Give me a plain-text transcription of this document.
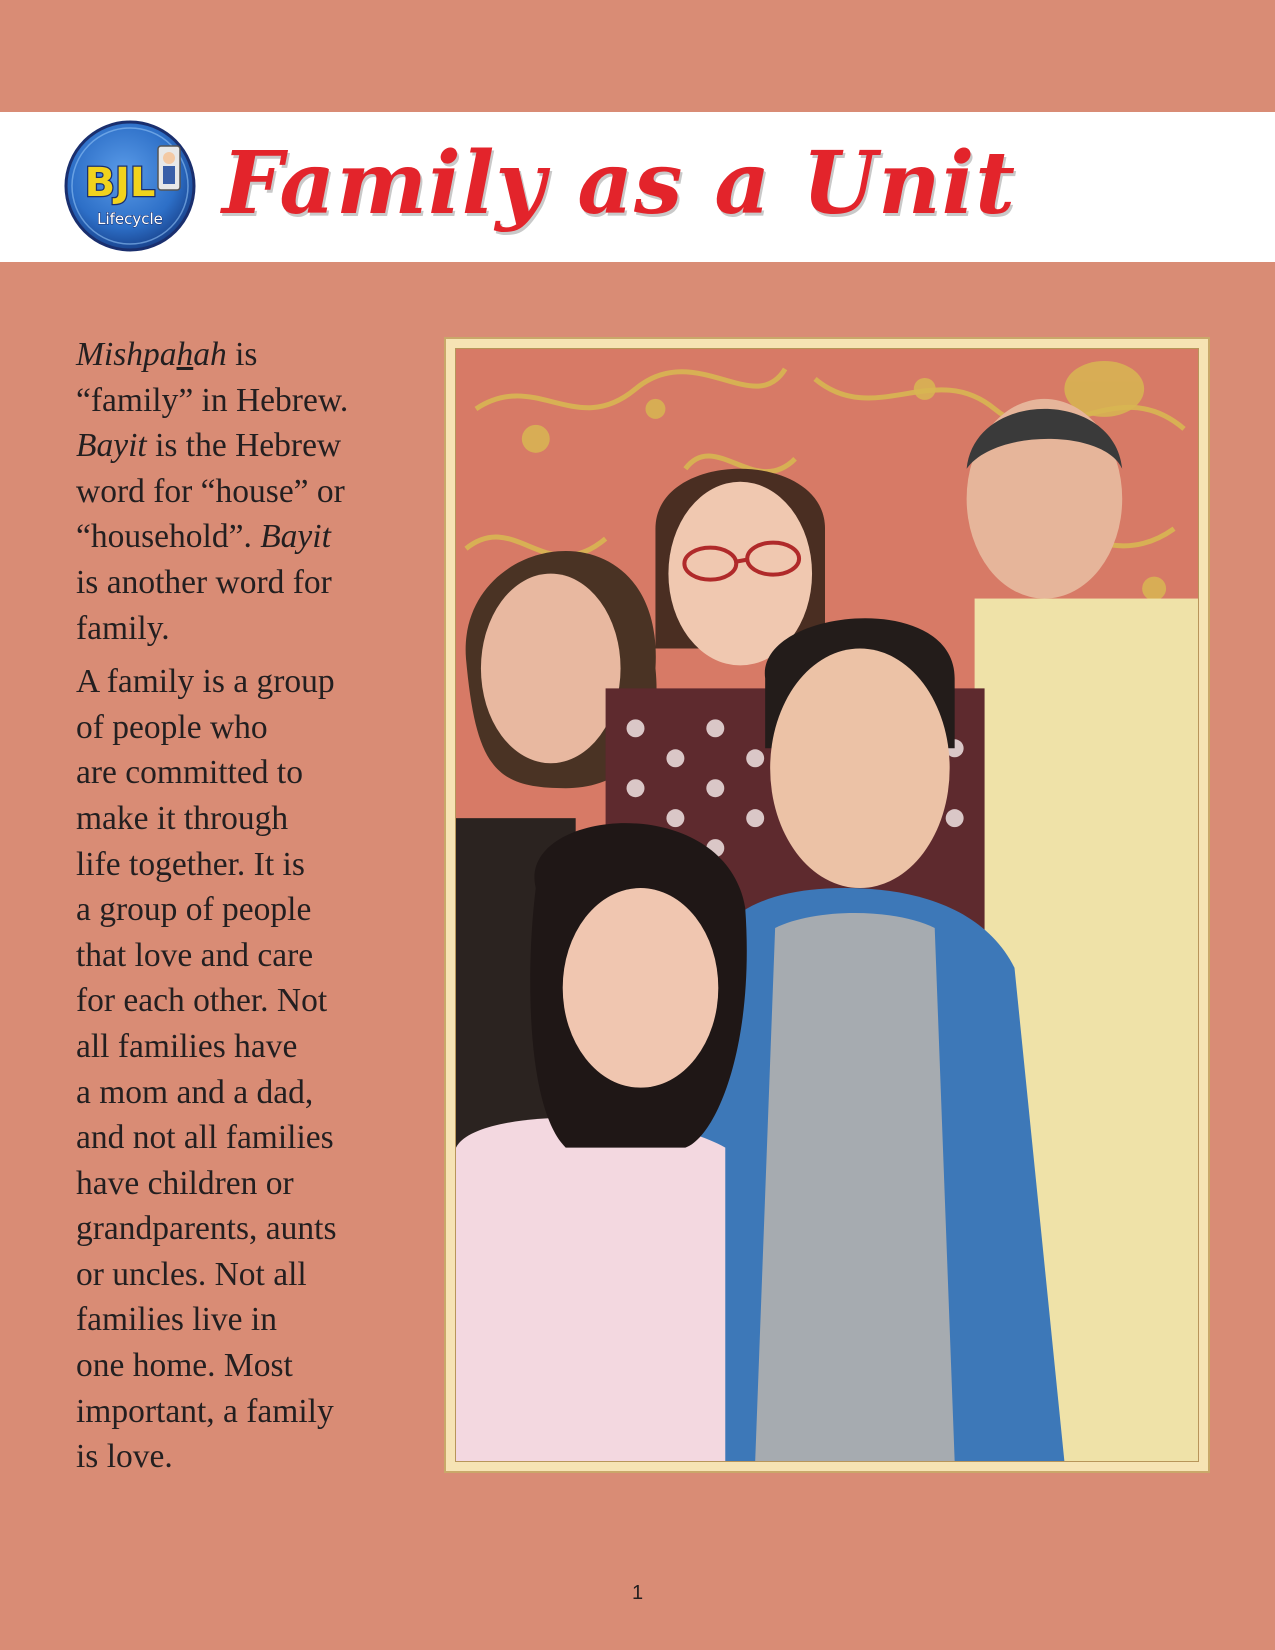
BJL
Lifecycle Family as a Unit
Mishpahah is
“family” in Hebrew.
Bayit is the Hebrew
word for “house” or
“household”. Bayit
is another word for
family.
A family is a group
of people who
are committed to
make it through
life together. It is
a group of people
that love and care
for each other. Not
all families have
a mom and a dad,
and not all families
have children or
grandparents, aunts
or uncles. Not all
families live in
one home. Most
important, a family
is love.
1
